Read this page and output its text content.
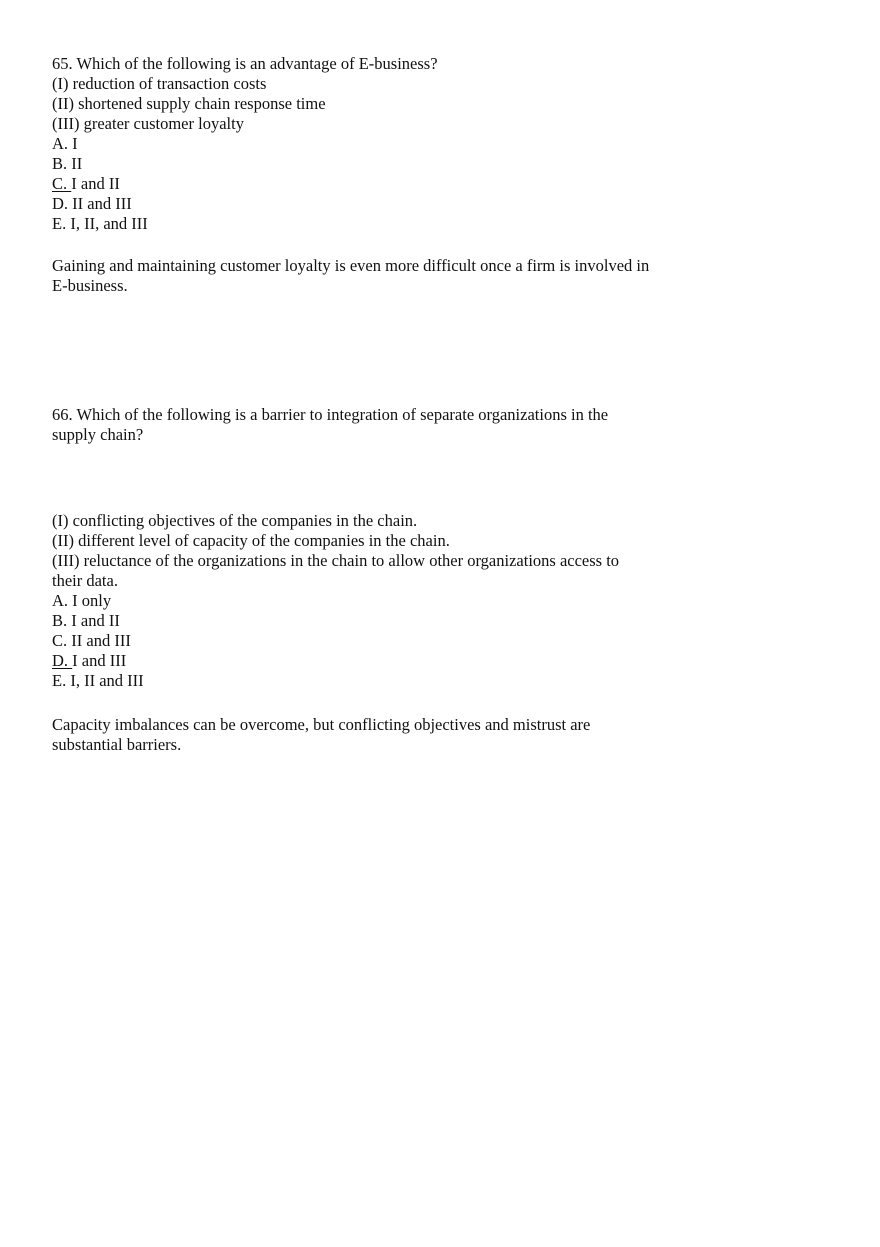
65. Which of the following is an advantage of E-business?
(I) reduction of transaction costs
(II) shortened supply chain response time
(III) greater customer loyalty
A. I
B. II
C. I and II
D. II and III
E. I, II, and III
Gaining and maintaining customer loyalty is even more difficult once a firm is involved in
E-business.
66. Which of the following is a barrier to integration of separate organizations in the
supply chain?
(I) conflicting objectives of the companies in the chain.
(II) different level of capacity of the companies in the chain.
(III) reluctance of the organizations in the chain to allow other organizations access to
their data.
A. I only
B. I and II
C. II and III
D. I and III
E. I, II and III
Capacity imbalances can be overcome, but conflicting objectives and mistrust are
substantial barriers.
